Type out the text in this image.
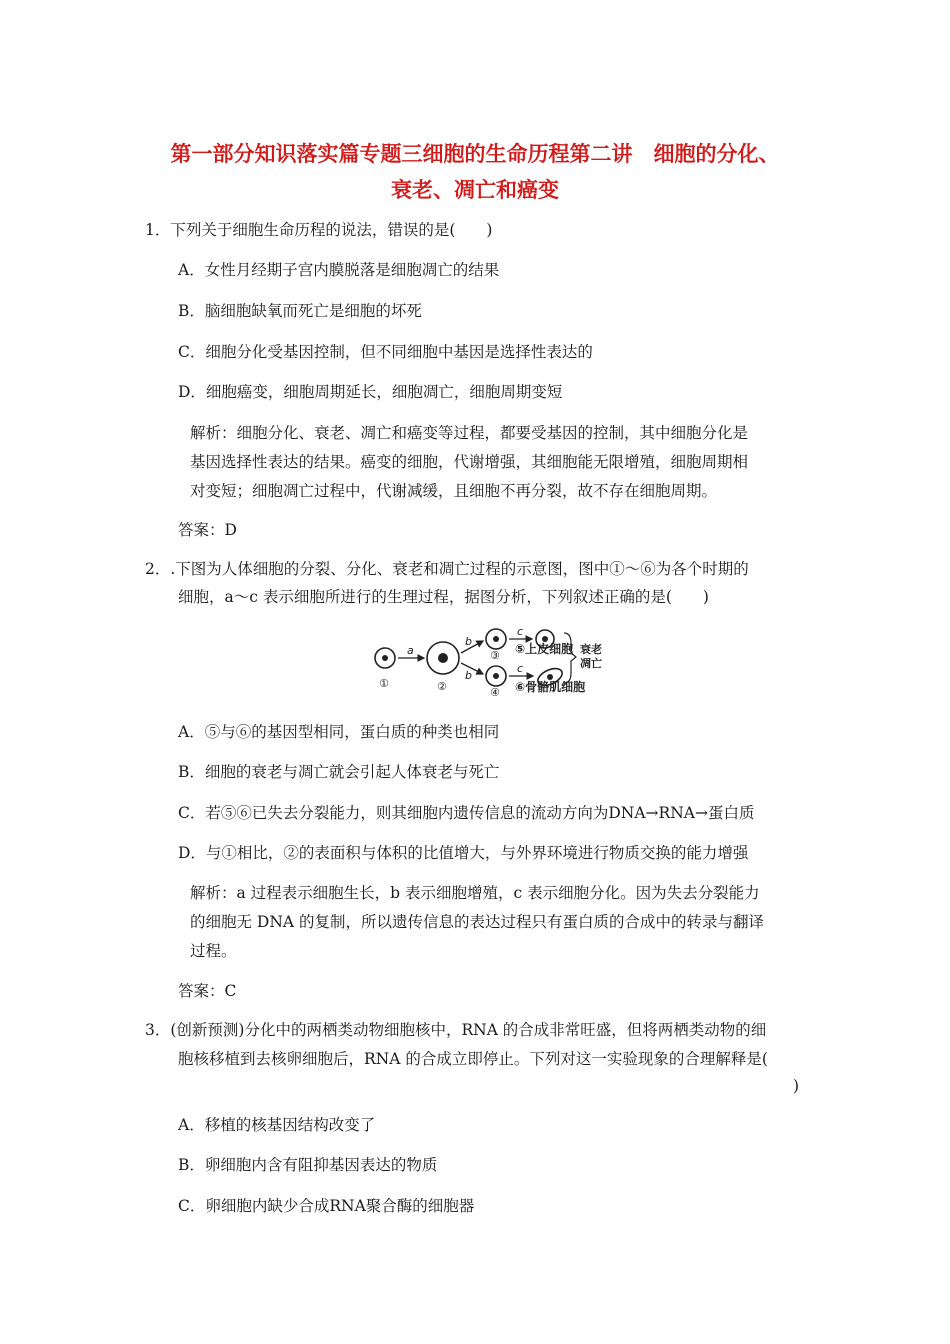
第一部分知识落实篇专题三细胞的生命历程第二讲　细胞的分化、
衰老、凋亡和癌变
1．下列关于细胞生命历程的说法，错误的是(　　)
A．女性月经期子宫内膜脱落是细胞凋亡的结果
B．脑细胞缺氧而死亡是细胞的坏死
C．细胞分化受基因控制，但不同细胞中基因是选择性表达的
D．细胞癌变，细胞周期延长，细胞凋亡，细胞周期变短
解析：细胞分化、衰老、凋亡和癌变等过程，都要受基因的控制，其中细胞分化是
基因选择性表达的结果。癌变的细胞，代谢增强，其细胞能无限增殖，细胞周期相
对变短；细胞凋亡过程中，代谢减缓，且细胞不再分裂，故不存在细胞周期。
答案：D
2．.下图为人体细胞的分裂、分化、衰老和凋亡过程的示意图，图中①～⑥为各个时期的
细胞，a～c 表示细胞所进行的生理过程，据图分析，下列叙述正确的是(　　)
①	②
⑤上皮细胞
⑥骨骼肌细胞
③
④
a
b
b
c
c
衰老
凋亡
A．⑤与⑥的基因型相同，蛋白质的种类也相同
B．细胞的衰老与凋亡就会引起人体衰老与死亡
C．若⑤⑥已失去分裂能力，则其细胞内遗传信息的流动方向为DNA→RNA→蛋白质
D．与①相比，②的表面积与体积的比值增大，与外界环境进行物质交换的能力增强
解析：a 过程表示细胞生长，b 表示细胞增殖，c 表示细胞分化。因为失去分裂能力
的细胞无 DNA 的复制，所以遗传信息的表达过程只有蛋白质的合成中的转录与翻译
过程。
答案：C
3．(创新预测)分化中的两栖类动物细胞核中，RNA 的合成非常旺盛，但将两栖类动物的细
胞核移植到去核卵细胞后，RNA 的合成立即停止。下列对这一实验现象的合理解释是(
)
A．移植的核基因结构改变了
B．卵细胞内含有阻抑基因表达的物质
C．卵细胞内缺少合成RNA聚合酶的细胞器
